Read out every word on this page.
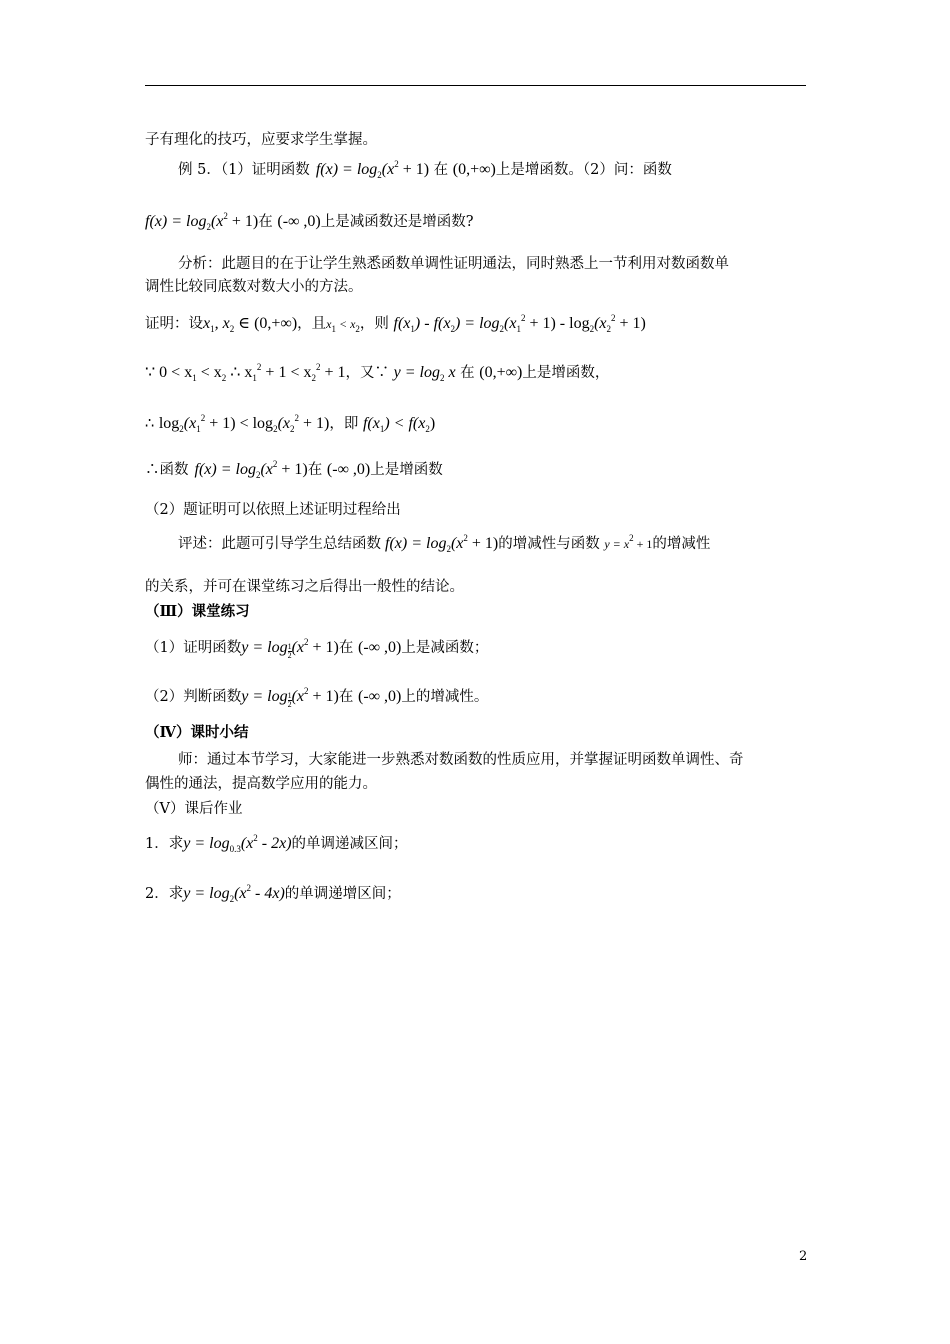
子有理化的技巧，应要求学生掌握。
例 5．（1）证明函数 $f(x) = \log_2(x^2 + 1)$ 在 (0,+∞)上是增函数。（2）问：函数
$f(x) = \log_2(x^2 + 1)$在 (-∞ ,0)上是减函数还是增函数?
分析：此题目的在于让学生熟悉函数单调性证明通法，同时熟悉上一节利用对数函数单
调性比较同底数对数大小的方法。
证明：设$x_1$, $x_2$ ∈ (0,+∞)，且$x_1 < x_2$，则 $f(x_1) - f(x_2) = \log_2(x_1^2 + 1) - \log_2(x_2^2 + 1)$
∵ $0 < x_1 < x_2$ ∴ $x_1^2 + 1 < x_2^2 + 1$，又∵ $y = \log_2 x$ 在 (0,+∞)上是增函数，
∴ $\log_2(x_1^2 + 1) < \log_2(x_2^2 + 1)$，即 $f(x_1) < f(x_2)$
∴函数 $f(x) = \log_2(x^2 + 1)$在 (-∞ ,0)上是增函数
（2）题证明可以依照上述证明过程给出
评述：此题可引导学生总结函数 $f(x) = \log_2(x^2 + 1)$的增减性与函数 $y = x^2 + 1$的增减性
的关系，并可在课堂练习之后得出一般性的结论。
（Ⅲ）课堂练习
（1）证明函数$y = \log \frac{1}{2} (x^2 + 1)$在 (-∞ ,0)上是减函数；
（2）判断函数$y = \log \frac{1}{2} (x^2 + 1)$在 (-∞ ,0)上的增减性。
（Ⅳ）课时小结
师：通过本节学习，大家能进一步熟悉对数函数的性质应用，并掌握证明函数单调性、奇
偶性的通法，提高数学应用的能力。
（V）课后作业
1．求$y = \log_{0.3}(x^2 - 2x)$的单调递减区间；
2．求$y = \log_2(x^2 - 4x)$的单调递增区间；
2
